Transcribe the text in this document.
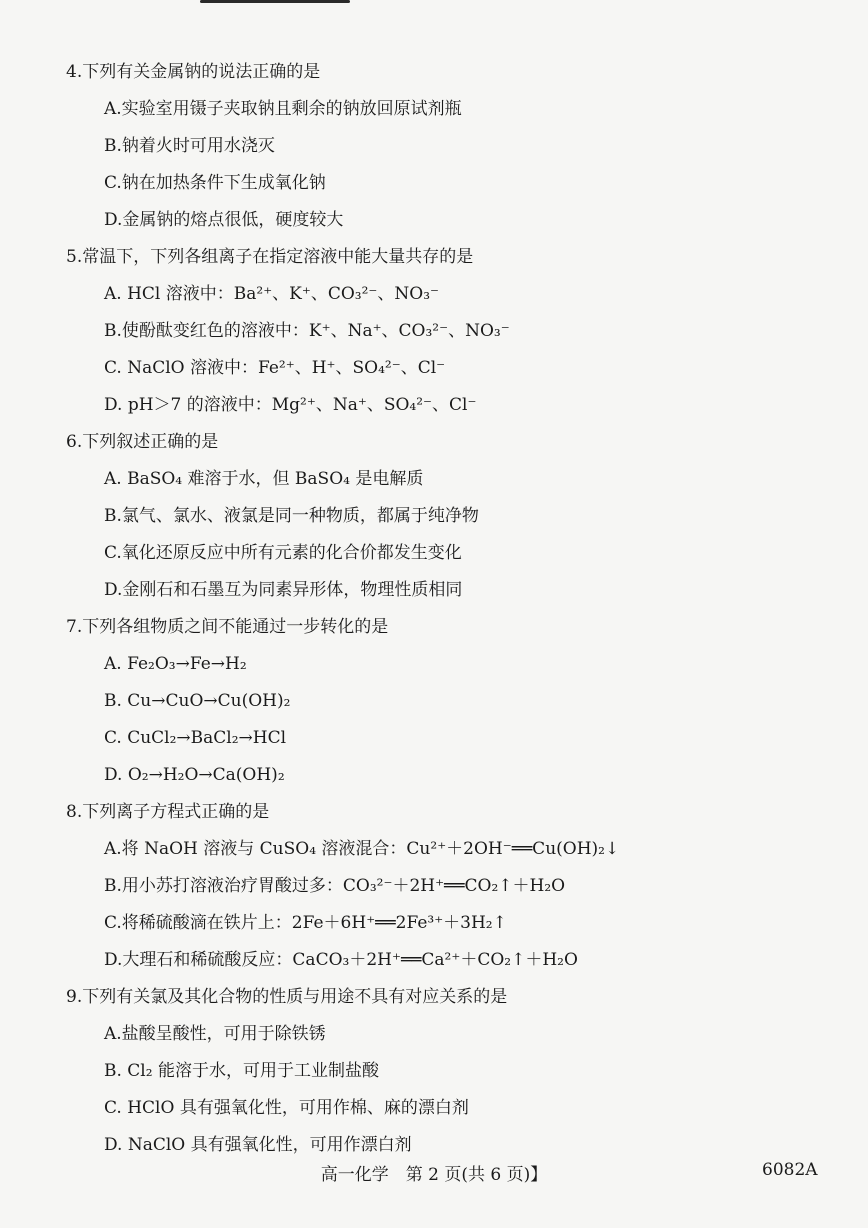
4.下列有关金属钠的说法正确的是

A.实验室用镊子夹取钠且剩余的钠放回原试剂瓶

B.钠着火时可用水浇灭

C.钠在加热条件下生成氧化钠

D.金属钠的熔点很低，硬度较大

5.常温下，下列各组离子在指定溶液中能大量共存的是

A. HCl 溶液中：Ba²⁺、K⁺、CO₃²⁻、NO₃⁻

B.使酚酞变红色的溶液中：K⁺、Na⁺、CO₃²⁻、NO₃⁻

C. NaClO 溶液中：Fe²⁺、H⁺、SO₄²⁻、Cl⁻

D. pH＞7 的溶液中：Mg²⁺、Na⁺、SO₄²⁻、Cl⁻

6.下列叙述正确的是

A. BaSO₄ 难溶于水，但 BaSO₄ 是电解质

B.氯气、氯水、液氯是同一种物质，都属于纯净物

C.氧化还原反应中所有元素的化合价都发生变化

D.金刚石和石墨互为同素异形体，物理性质相同

7.下列各组物质之间不能通过一步转化的是

A. Fe₂O₃→Fe→H₂

B. Cu→CuO→Cu(OH)₂

C. CuCl₂→BaCl₂→HCl

D. O₂→H₂O→Ca(OH)₂

8.下列离子方程式正确的是

A.将 NaOH 溶液与 CuSO₄ 溶液混合：Cu²⁺＋2OH⁻══Cu(OH)₂↓

B.用小苏打溶液治疗胃酸过多：CO₃²⁻＋2H⁺══CO₂↑＋H₂O

C.将稀硫酸滴在铁片上：2Fe＋6H⁺══2Fe³⁺＋3H₂↑

D.大理石和稀硫酸反应：CaCO₃＋2H⁺══Ca²⁺＋CO₂↑＋H₂O

9.下列有关氯及其化合物的性质与用途不具有对应关系的是

A.盐酸呈酸性，可用于除铁锈

B. Cl₂ 能溶于水，可用于工业制盐酸

C. HClO 具有强氧化性，可用作棉、麻的漂白剂

D. NaClO 具有强氧化性，可用作漂白剂

高一化学　第 2 页(共 6 页)】	6082A
